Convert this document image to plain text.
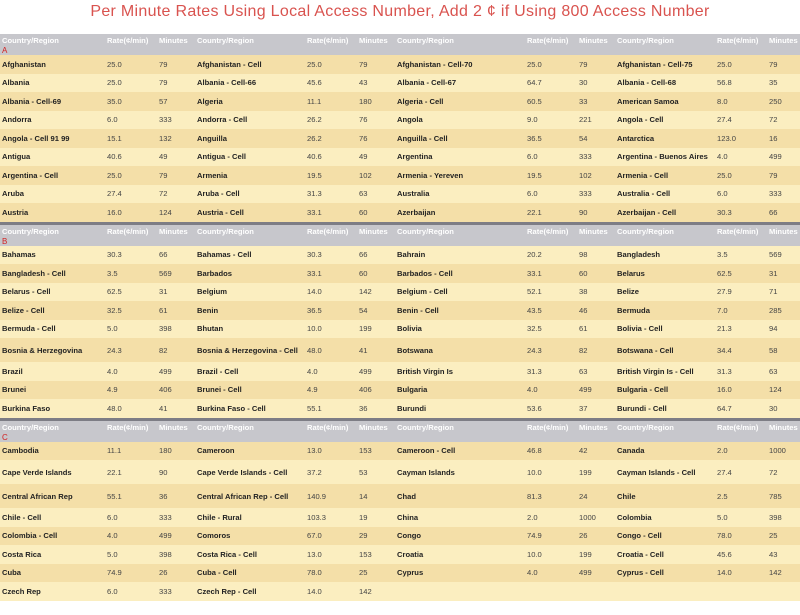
Per Minute Rates Using Local Access Number, Add 2 ¢ if Using 800 Access Number
Country/Region
A	Rate(¢/min)	Minutes	Country/Region	Rate(¢/min)	Minutes	Country/Region	Rate(¢/min)	Minutes	Country/Region	Rate(¢/min)	Minutes
Afghanistan	25.0	79	Afghanistan - Cell	25.0	79	Afghanistan - Cell-70	25.0	79	Afghanistan - Cell-75	25.0	79
Albania	25.0	79	Albania - Cell-66	45.6	43	Albania - Cell-67	64.7	30	Albania - Cell-68	56.8	35
Albania - Cell-69	35.0	57	Algeria	11.1	180	Algeria - Cell	60.5	33	American Samoa	8.0	250
Andorra	6.0	333	Andorra - Cell	26.2	76	Angola	9.0	221	Angola - Cell	27.4	72
Angola - Cell 91 99	15.1	132	Anguilla	26.2	76	Anguilla - Cell	36.5	54	Antarctica	123.0	16
Antigua	40.6	49	Antigua - Cell	40.6	49	Argentina	6.0	333	Argentina - Buenos Aires	4.0	499
Argentina - Cell	25.0	79	Armenia	19.5	102	Armenia - Yereven	19.5	102	Armenia - Cell	25.0	79
Aruba	27.4	72	Aruba - Cell	31.3	63	Australia	6.0	333	Australia - Cell	6.0	333
Austria	16.0	124	Austria - Cell	33.1	60	Azerbaijan	22.1	90	Azerbaijan - Cell	30.3	66

Country/Region
B	Rate(¢/min)	Minutes	Country/Region	Rate(¢/min)	Minutes	Country/Region	Rate(¢/min)	Minutes	Country/Region	Rate(¢/min)	Minutes
Bahamas	30.3	66	Bahamas - Cell	30.3	66	Bahrain	20.2	98	Bangladesh	3.5	569
Bangladesh - Cell	3.5	569	Barbados	33.1	60	Barbados - Cell	33.1	60	Belarus	62.5	31
Belarus - Cell	62.5	31	Belgium	14.0	142	Belgium - Cell	52.1	38	Belize	27.9	71
Belize - Cell	32.5	61	Benin	36.5	54	Benin - Cell	43.5	46	Bermuda	7.0	285
Bermuda - Cell	5.0	398	Bhutan	10.0	199	Bolivia	32.5	61	Bolivia - Cell	21.3	94
Bosnia & Herzegovina	24.3	82	Bosnia & Herzegovina - Cell	48.0	41	Botswana	24.3	82	Botswana - Cell	34.4	58
Brazil	4.0	499	Brazil - Cell	4.0	499	British Virgin Is	31.3	63	British Virgin Is - Cell	31.3	63
Brunei	4.9	406	Brunei - Cell	4.9	406	Bulgaria	4.0	499	Bulgaria - Cell	16.0	124
Burkina Faso	48.0	41	Burkina Faso - Cell	55.1	36	Burundi	53.6	37	Burundi - Cell	64.7	30

Country/Region
C	Rate(¢/min)	Minutes	Country/Region	Rate(¢/min)	Minutes	Country/Region	Rate(¢/min)	Minutes	Country/Region	Rate(¢/min)	Minutes
Cambodia	11.1	180	Cameroon	13.0	153	Cameroon - Cell	46.8	42	Canada	2.0	1000
Cape Verde Islands	22.1	90	Cape Verde Islands - Cell	37.2	53	Cayman Islands	10.0	199	Cayman Islands - Cell	27.4	72
Central African Rep	55.1	36	Central African Rep - Cell	140.9	14	Chad	81.3	24	Chile	2.5	785
Chile - Cell	6.0	333	Chile - Rural	103.3	19	China	2.0	1000	Colombia	5.0	398
Colombia - Cell	4.0	499	Comoros	67.0	29	Congo	74.9	26	Congo - Cell	78.0	25
Costa Rica	5.0	398	Costa Rica - Cell	13.0	153	Croatia	10.0	199	Croatia - Cell	45.6	43
Cuba	74.9	26	Cuba - Cell	78.0	25	Cyprus	4.0	499	Cyprus - Cell	14.0	142
Czech Rep	6.0	333	Czech Rep - Cell	14.0	142						
